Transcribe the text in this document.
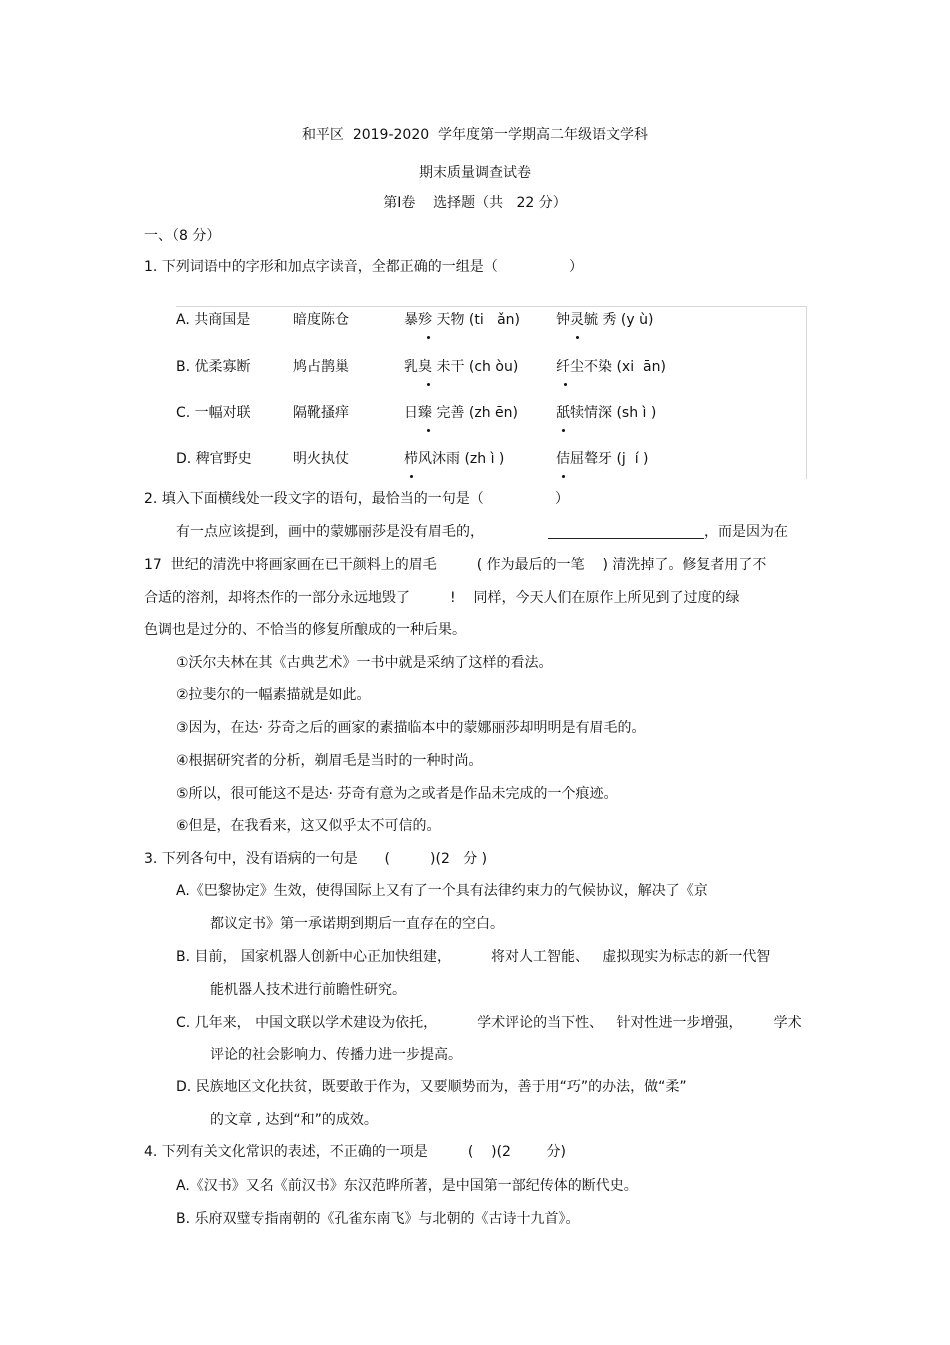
和平区  2019-2020  学年度第一学期高二年级语文学科
期末质量调查试卷
第Ⅰ卷    选择题（共   22 分）
一、（8 分）
1. 下列词语中的字形和加点字读音，全都正确的一组是（                ）
A. 共商国是	暗度陈仓	暴殄 天物 (ti   ǎn)	钟灵毓 秀 (y ù)
B. 优柔寡断	鸠占鹊巢	乳臭 未干 (ch òu)	纤尘不染 (xi  ān)
C. 一幅对联	隔靴搔痒	日臻 完善 (zh ēn)	舐犊情深 (sh ì )
D. 稗官野史	明火执仗	栉风沐雨 (zh ì )	佶屈聱牙 (j  í )
2. 填入下面横线处一段文字的语句，最恰当的一句是（                ）
有一点应该提到，画中的蒙娜丽莎是没有眉毛的，	，而是因为在
17  世纪的清洗中将画家画在已干颜料上的眉毛         ( 作为最后的一笔    ) 清洗掉了。修复者用了不
合适的溶剂，却将杰作的一部分永远地毁了         !    同样，今天人们在原作上所见到了过度的绿
色调也是过分的、不恰当的修复所酿成的一种后果。
①沃尔夫林在其《古典艺术》一书中就是采纳了这样的看法。
②拉斐尔的一幅素描就是如此。
③因为，在达· 芬奇之后的画家的素描临本中的蒙娜丽莎却明明是有眉毛的。
④根据研究者的分析，剃眉毛是当时的一种时尚。
⑤所以，很可能这不是达· 芬奇有意为之或者是作品未完成的一个痕迹。
⑥但是，在我看来，这又似乎太不可信的。
3. 下列各句中，没有语病的一句是      (         )(2   分 )
A.《巴黎协定》生效，使得国际上又有了一个具有法律约束力的气候协议，解决了《京
都议定书》第一承诺期到期后一直存在的空白。
B. 目前， 国家机器人创新中心正加快组建，         将对人工智能、   虚拟现实为标志的新一代智
能机器人技术进行前瞻性研究。
C. 几年来， 中国文联以学术建设为依托，         学术评论的当下性、   针对性进一步增强，       学术
评论的社会影响力、传播力进一步提高。
D. 民族地区文化扶贫，既要敢于作为，又要顺势而为，善于用“巧”的办法，做“柔”
的文章 , 达到“和”的成效。
4. 下列有关文化常识的表述，不正确的一项是         (    )(2        分)
A.《汉书》又名《前汉书》东汉范晔所著，是中国第一部纪传体的断代史。
B. 乐府双璧专指南朝的《孔雀东南飞》与北朝的《古诗十九首》。
